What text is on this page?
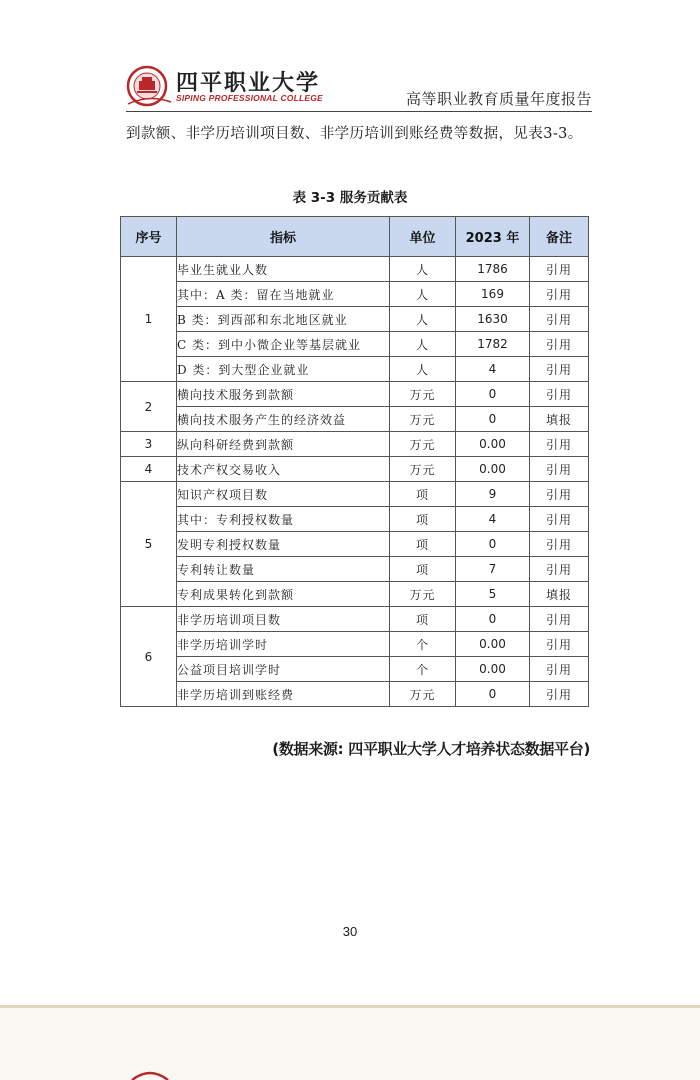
四平职业大学
SIPING PROFESSIONAL COLLEGE	高等职业教育质量年度报告
到款额、非学历培训项目数、非学历培训到账经费等数据，见表3-3。
表 3-3 服务贡献表
序号	指标	单位	2023 年	备注
1	毕业生就业人数	人	1786	引用
	其中：A 类：留在当地就业	人	169	引用
	B 类：到西部和东北地区就业	人	1630	引用
	C 类：到中小微企业等基层就业	人	1782	引用
	D 类：到大型企业就业	人	4	引用
2	横向技术服务到款额	万元	0	引用
	横向技术服务产生的经济效益	万元	0	填报
3	纵向科研经费到款额	万元	0.00	引用
4	技术产权交易收入	万元	0.00	引用
5	知识产权项目数	项	9	引用
	其中：专利授权数量	项	4	引用
	发明专利授权数量	项	0	引用
	专利转让数量	项	7	引用
	专利成果转化到款额	万元	5	填报
6	非学历培训项目数	项	0	引用
	非学历培训学时	个	0.00	引用
	公益项目培训学时	个	0.00	引用
	非学历培训到账经费	万元	0	引用
(数据来源: 四平职业大学人才培养状态数据平台)
30
